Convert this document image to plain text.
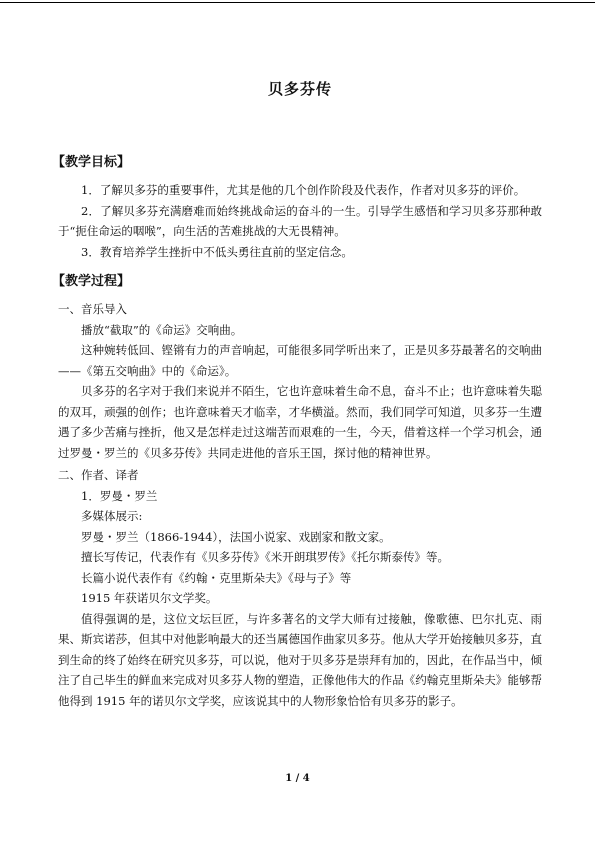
贝多芬传
【教学目标】

1．了解贝多芬的重要事件，尤其是他的几个创作阶段及代表作，作者对贝多芬的评价。

2．了解贝多芬充满磨难而始终挑战命运的奋斗的一生。引导学生感悟和学习贝多芬那种敢于“扼住命运的咽喉”，向生活的苦难挑战的大无畏精神。

3．教育培养学生挫折中不低头勇往直前的坚定信念。

【教学过程】

一、音乐导入

播放“截取”的《命运》交响曲。

这种婉转低回、铿锵有力的声音响起，可能很多同学听出来了，正是贝多芬最著名的交响曲——《第五交响曲》中的《命运》。

贝多芬的名字对于我们来说并不陌生，它也许意味着生命不息，奋斗不止；也许意味着失聪的双耳，顽强的创作；也许意味着天才临幸，才华横溢。然而，我们同学可知道，贝多芬一生遭遇了多少苦痛与挫折，他又是怎样走过这端苦而艰难的一生，今天，借着这样一个学习机会，通过罗曼・罗兰的《贝多芬传》共同走进他的音乐王国，探讨他的精神世界。

二、作者、译者

1．罗曼・罗兰

多媒体展示:

罗曼・罗兰（1866-1944），法国小说家、戏剧家和散文家。

擅长写传记，代表作有《贝多芬传》《米开朗琪罗传》《托尔斯泰传》等。

长篇小说代表作有《约翰・克里斯朵夫》《母与子》等

1915 年获诺贝尔文学奖。

值得强调的是，这位文坛巨匠，与许多著名的文学大师有过接触，像歌德、巴尔扎克、雨果、斯宾诺莎，但其中对他影响最大的还当属德国作曲家贝多芬。他从大学开始接触贝多芬，直到生命的终了始终在研究贝多芬，可以说，他对于贝多芬是崇拜有加的，因此，在作品当中，倾注了自己毕生的鲜血来完成对贝多芬人物的塑造，正像他伟大的作品《约翰克里斯朵夫》能够帮他得到 1915 年的诺贝尔文学奖，应该说其中的人物形象恰恰有贝多芬的影子。

1 / 4
